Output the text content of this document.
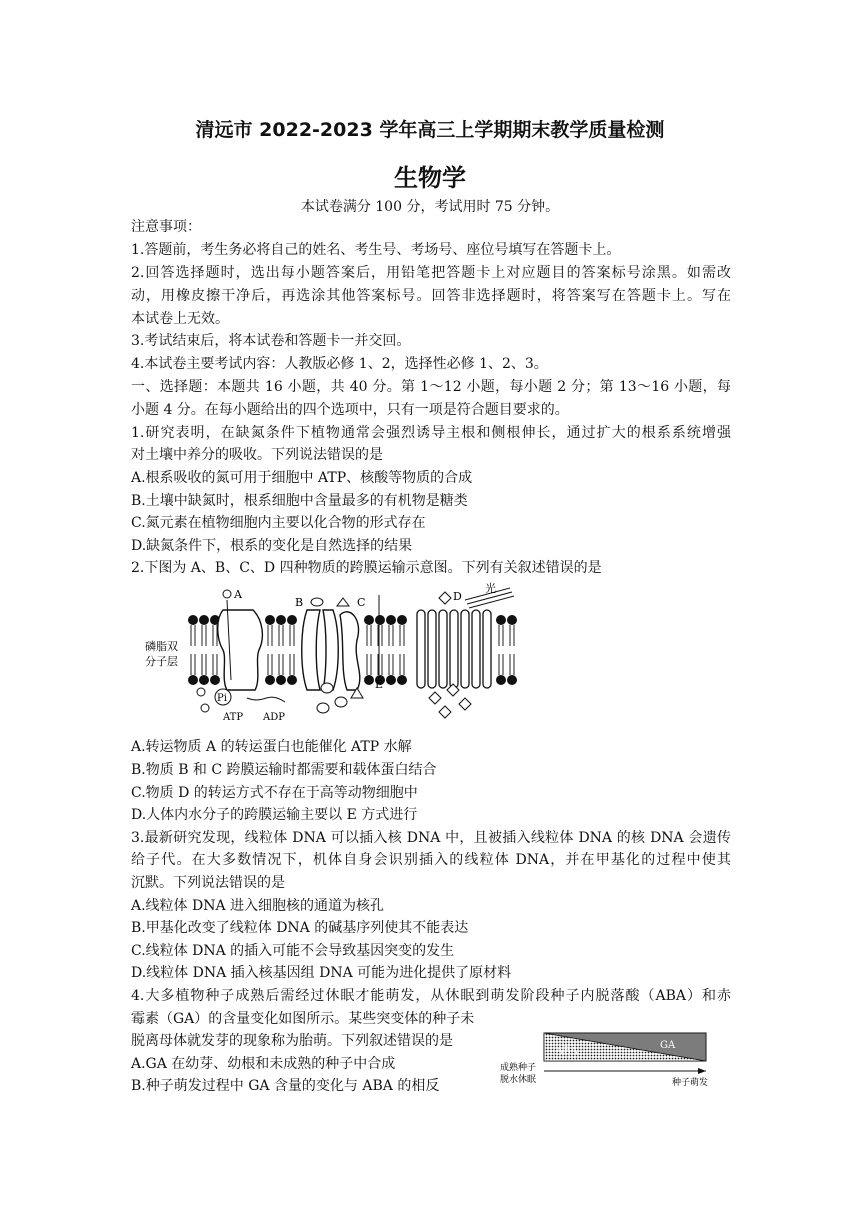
清远市 2022-2023 学年高三上学期期末教学质量检测
生物学
本试卷满分 100 分，考试用时 75 分钟。
注意事项：
1.答题前，考生务必将自己的姓名、考生号、考场号、座位号填写在答题卡上。
2.回答选择题时，选出每小题答案后，用铅笔把答题卡上对应题目的答案标号涂黑。如需改
动，用橡皮擦干净后，再选涂其他答案标号。回答非选择题时，将答案写在答题卡上。写在
本试卷上无效。
3.考试结束后，将本试卷和答题卡一并交回。
4.本试卷主要考试内容：人教版必修 1、2，选择性必修 1、2、3。
一、选择题：本题共 16 小题，共 40 分。第 1～12 小题，每小题 2 分；第 13～16 小题，每
小题 4 分。在每小题给出的四个选项中，只有一项是符合题目要求的。
1.研究表明，在缺氮条件下植物通常会强烈诱导主根和侧根伸长，通过扩大的根系系统增强
对土壤中养分的吸收。下列说法错误的是
A.根系吸收的氮可用于细胞中 ATP、核酸等物质的合成
B.土壤中缺氮时，根系细胞中含量最多的有机物是糖类
C.氮元素在植物细胞内主要以化合物的形式存在
D.缺氮条件下，根系的变化是自然选择的结果
2.下图为 A、B、C、D 四种物质的跨膜运输示意图。下列有关叙述错误的是
磷脂双
分子层
A
Pi
ATP ADP
B	C
E
D
光
A.转运物质 A 的转运蛋白也能催化 ATP 水解
B.物质 B 和 C 跨膜运输时都需要和载体蛋白结合
C.物质 D 的转运方式不存在于高等动物细胞中
D.人体内水分子的跨膜运输主要以 E 方式进行
3.最新研究发现，线粒体 DNA 可以插入核 DNA 中，且被插入线粒体 DNA 的核 DNA 会遗传
给子代。在大多数情况下，机体自身会识别插入的线粒体 DNA，并在甲基化的过程中使其
沉默。下列说法错误的是
A.线粒体 DNA 进入细胞核的通道为核孔
B.甲基化改变了线粒体 DNA 的碱基序列使其不能表达
C.线粒体 DNA 的插入可能不会导致基因突变的发生
D.线粒体 DNA 插入核基因组 DNA 可能为进化提供了原材料
4.大多植物种子成熟后需经过休眠才能萌发，从休眠到萌发阶段种子内脱落酸（ABA）和赤
霉素（GA）的含量变化如图所示。某些突变体的种子未
脱离母体就发芽的现象称为胎萌。下列叙述错误的是
A.GA 在幼芽、幼根和未成熟的种子中合成
B.种子萌发过程中 GA 含量的变化与 ABA 的相反
ABA
GA
成熟种子
脱水休眠	种子萌发
